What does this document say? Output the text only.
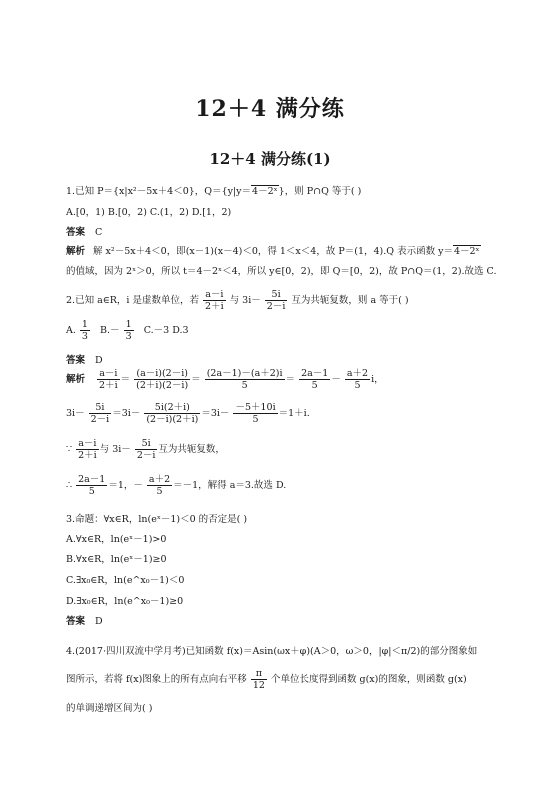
12＋4 满分练
12＋4 满分练(1)
1.已知 P＝{x|x²－5x＋4＜0}，Q＝{y|y＝4－2ˣ}，则 P∩Q 等于( )
A.[0，1) B.[0，2) C.(1，2) D.[1，2)
答案 C
解析 解 x²－5x＋4＜0，即(x－1)(x－4)＜0，得 1＜x＜4，故 P＝(1，4).Q 表示函数 y＝4－2ˣ
的值域，因为 2ˣ＞0，所以 t＝4－2ˣ＜4，所以 y∈[0，2)，即 Q＝[0，2)，故 P∩Q＝(1，2).故选 C.
2.已知 a∈R，i 是虚数单位，若 $\frac{a-i}{2+i}$ 与 $3i- \frac{5i}{2-i}$ 互为共轭复数，则 a 等于( )
A. $\frac{1}{3} B.- \frac{1}{3} C.-3$ D.3
答案 D
解析 $\frac{a-i}{2+i} = \frac{(a-i)(2-i)}{(2+i)(2-i)} = \frac{(2a-1)-(a+2)i}{5} = \frac{2a-1}{5} - \frac{a+2}{5}$ i，
$3i- \frac{5i}{2-i} =3i- \frac{5i(2+i)}{(2-i)(2+i)} =3i- \frac{-5+10i}{5} =1+i$.
∵ $\frac{a-i}{2+i}$ 与 $3i- \frac{5i}{2-i}$ 互为共轭复数，
∴ $\frac{2a-1}{5} =1$，－ $\frac{a+2}{5} =-1$，解得 a＝3.故选 D.
3.命题：∀x∈R，ln(eˣ－1)＜0 的否定是( )
A.∀x∈R，ln(eˣ－1)>0
B.∀x∈R，ln(eˣ－1)≥0
C.∃x₀∈R，ln(e^x₀－1)＜0
D.∃x₀∈R，ln(e^x₀－1)≥0
答案 D
4.(2017·四川双流中学月考)已知函数 f(x)＝Asin(ωx＋φ)(A＞0，ω＞0，|φ|＜π/2)的部分图象如
图所示，若将 f(x)图象上的所有点向右平移 $\frac{\pi}{12}$ 个单位长度得到函数 g(x)的图象，则函数 g(x)
的单调递增区间为( )
